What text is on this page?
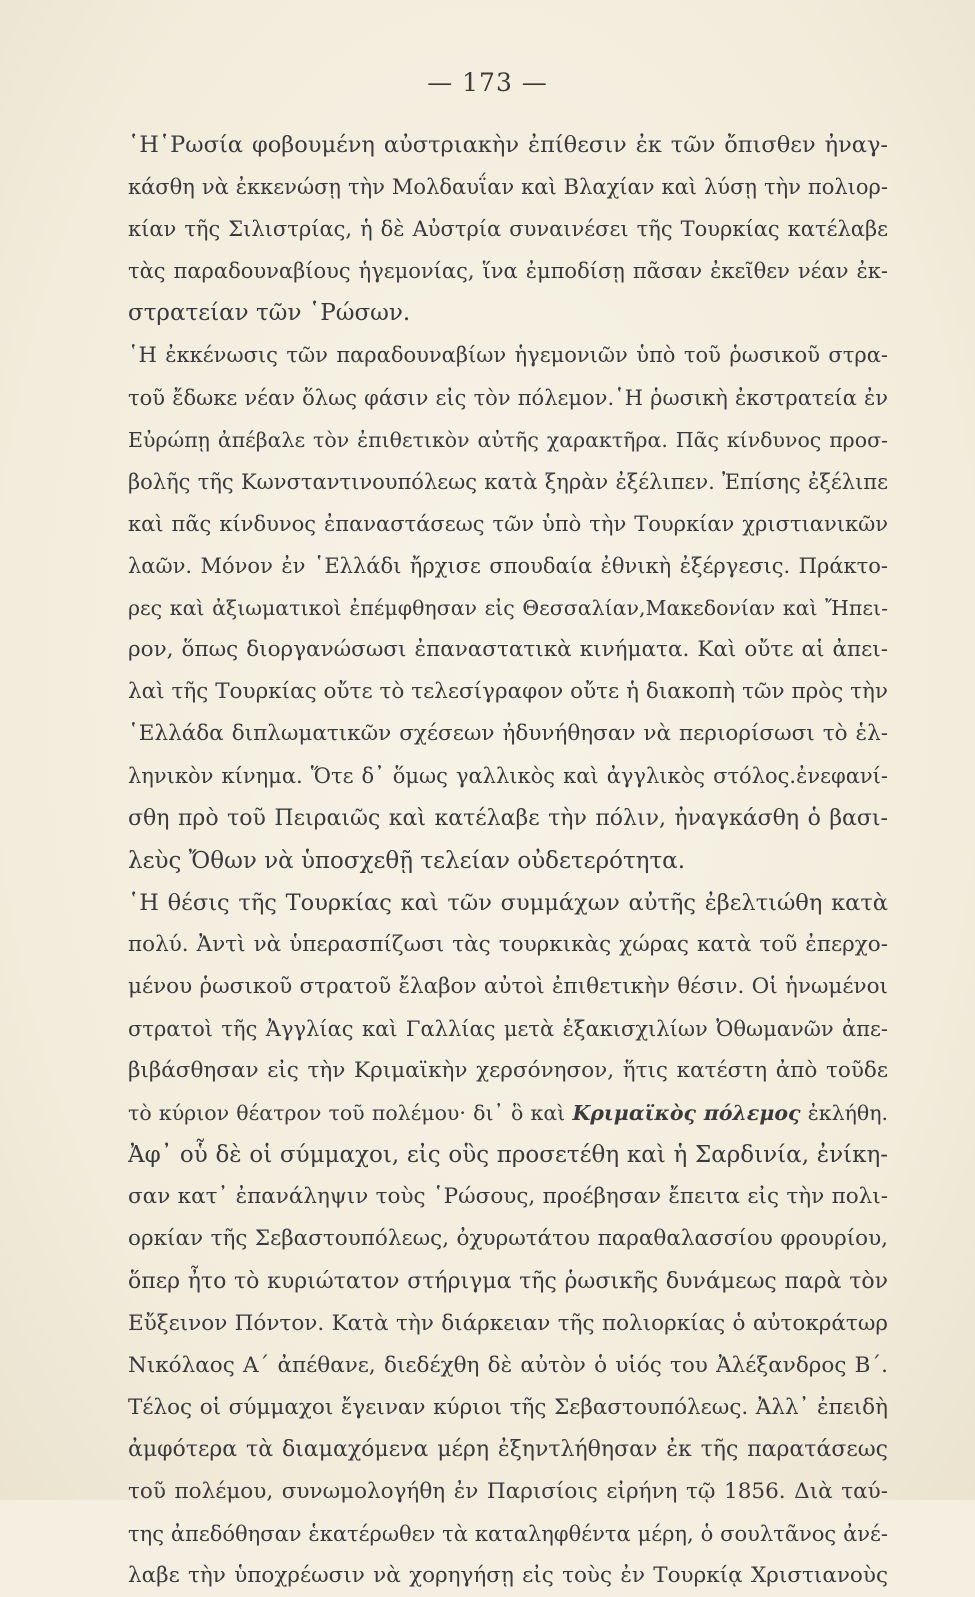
— 173 —
῾Η῾Ρωσία φοβουμένη αὐστριακὴν ἐπίθεσιν ἐκ τῶν ὄπισθεν ἠναγ-
κάσθη νὰ ἐκκενώσῃ τὴν Μολδαυΐαν καὶ Βλαχίαν καὶ λύσῃ τὴν πολιορ-
κίαν τῆς Σιλιστρίας, ἡ δὲ Αὐστρία συναινέσει τῆς Τουρκίας κατέλαβε
τὰς παραδουναβίους ἡγεμονίας, ἵνα ἐμποδίσῃ πᾶσαν ἐκεῖθεν νέαν ἐκ-
στρατείαν τῶν ῾Ρώσων.
῾Η ἐκκένωσις τῶν παραδουναβίων ἡγεμονιῶν ὑπὸ τοῦ ῥωσικοῦ στρα-
τοῦ ἔδωκε νέαν ὅλως φάσιν εἰς τὸν πόλεμον.῾Η ῥωσικὴ ἐκστρατεία ἐν
Εὐρώπῃ ἀπέβαλε τὸν ἐπιθετικὸν αὐτῆς χαρακτῆρα. Πᾶς κίνδυνος προσ-
βολῆς τῆς Κωνσταντινουπόλεως κατὰ ξηρὰν ἐξέλιπεν. Ἐπίσης ἐξέλιπε
καὶ πᾶς κίνδυνος ἐπαναστάσεως τῶν ὑπὸ τὴν Τουρκίαν χριστιανικῶν
λαῶν. Μόνον ἐν ῾Ελλάδι ἤρχισε σπουδαία ἐθνικὴ ἐξέργεσις. Πράκτο-
ρες καὶ ἀξιωματικοὶ ἐπέμφθησαν εἰς Θεσσαλίαν,Μακεδονίαν καὶ Ἤπει-
ρον, ὅπως διοργανώσωσι ἐπαναστατικὰ κινήματα. Καὶ οὔτε αἱ ἀπει-
λαὶ τῆς Τουρκίας οὔτε τὸ τελεσίγραφον οὔτε ἡ διακοπὴ τῶν πρὸς τὴν
῾Ελλάδα διπλωματικῶν σχέσεων ἠδυνήθησαν νὰ περιορίσωσι τὸ ἑλ-
ληνικὸν κίνημα. Ὅτε δ᾽ ὅμως γαλλικὸς καὶ ἀγγλικὸς στόλος.ἐνεφανί-
σθη πρὸ τοῦ Πειραιῶς καὶ κατέλαβε τὴν πόλιν, ἠναγκάσθη ὁ βασι-
λεὺς Ὄθων νὰ ὑποσχεθῇ τελείαν οὐδετερότητα.
῾Η θέσις τῆς Τουρκίας καὶ τῶν συμμάχων αὐτῆς ἐβελτιώθη κατὰ
πολύ. Ἀντὶ νὰ ὑπερασπίζωσι τὰς τουρκικὰς χώρας κατὰ τοῦ ἐπερχο-
μένου ῥωσικοῦ στρατοῦ ἔλαβον αὐτοὶ ἐπιθετικὴν θέσιν. Οἱ ἡνωμένοι
στρατοὶ τῆς Ἀγγλίας καὶ Γαλλίας μετὰ ἑξακισχιλίων Ὀθωμανῶν ἀπε-
βιβάσθησαν εἰς τὴν Κριμαϊκὴν χερσόνησον, ἥτις κατέστη ἀπὸ τοῦδε
τὸ κύριον θέατρον τοῦ πολέμου· δι᾽ ὃ καὶ Κριμαϊκὸς πόλεμος ἐκλήθη.
Ἀφ᾽ οὗ δὲ οἱ σύμμαχοι, εἰς οὓς προσετέθη καὶ ἡ Σαρδινία, ἐνίκη-
σαν κατ᾽ ἐπανάληψιν τοὺς ῾Ρώσους, προέβησαν ἔπειτα εἰς τὴν πολι-
ορκίαν τῆς Σεβαστουπόλεως, ὀχυρωτάτου παραθαλασσίου φρουρίου,
ὅπερ ἦτο τὸ κυριώτατον στήριγμα τῆς ῥωσικῆς δυνάμεως παρὰ τὸν
Εὔξεινον Πόντον. Κατὰ τὴν διάρκειαν τῆς πολιορκίας ὁ αὐτοκράτωρ
Νικόλαος Α΄ ἀπέθανε, διεδέχθη δὲ αὐτὸν ὁ υἱός του Ἀλέξανδρος Β΄.
Τέλος οἱ σύμμαχοι ἔγειναν κύριοι τῆς Σεβαστουπόλεως. Ἀλλ᾽ ἐπειδὴ
ἀμφότερα τὰ διαμαχόμενα μέρη ἐξηντλήθησαν ἐκ τῆς παρατάσεως
τοῦ πολέμου, συνωμολογήθη ἐν Παρισίοις εἰρήνη τῷ 1856. Διὰ ταύ-
της ἀπεδόθησαν ἑκατέρωθεν τὰ καταληφθέντα μέρη, ὁ σουλτᾶνος ἀνέ-
λαβε τὴν ὑποχρέωσιν νὰ χορηγήσῃ εἰς τοὺς ἐν Τουρκίᾳ Χριστιανοὺς
